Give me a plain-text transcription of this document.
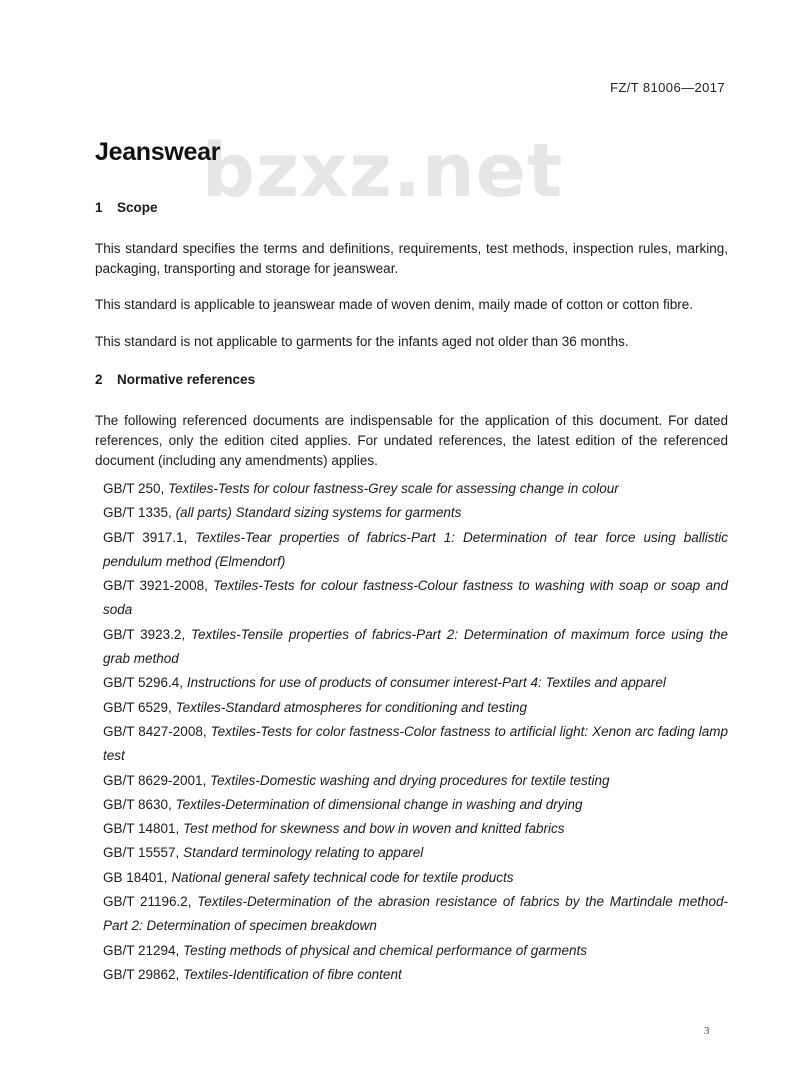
FZ/T 81006—2017
bzxz.net
Jeanswear
1	Scope

This standard specifies the terms and definitions, requirements, test methods, inspection rules, marking, packaging, transporting and storage for jeanswear.

This standard is applicable to jeanswear made of woven denim, maily made of cotton or cotton fibre.

This standard is not applicable to garments for the infants aged not older than 36 months.

2	Normative references

The following referenced documents are indispensable for the application of this document. For dated references, only the edition cited applies. For undated references, the latest edition of the referenced document (including any amendments) applies.

GB/T 250, Textiles-Tests for colour fastness-Grey scale for assessing change in colour
GB/T 1335, (all parts) Standard sizing systems for garments
GB/T 3917.1, Textiles-Tear properties of fabrics-Part 1: Determination of tear force using ballistic pendulum method (Elmendorf)
GB/T 3921-2008, Textiles-Tests for colour fastness-Colour fastness to washing with soap or soap and soda
GB/T 3923.2, Textiles-Tensile properties of fabrics-Part 2: Determination of maximum force using the grab method
GB/T 5296.4, Instructions for use of products of consumer interest-Part 4: Textiles and apparel
GB/T 6529, Textiles-Standard atmospheres for conditioning and testing
GB/T 8427-2008, Textiles-Tests for color fastness-Color fastness to artificial light: Xenon arc fading lamp test
GB/T 8629-2001, Textiles-Domestic washing and drying procedures for textile testing
GB/T 8630, Textiles-Determination of dimensional change in washing and drying
GB/T 14801, Test method for skewness and bow in woven and knitted fabrics
GB/T 15557, Standard terminology relating to apparel
GB 18401, National general safety technical code for textile products
GB/T 21196.2, Textiles-Determination of the abrasion resistance of fabrics by the Martindale method-Part 2: Determination of specimen breakdown
GB/T 21294, Testing methods of physical and chemical performance of garments
GB/T 29862, Textiles-Identification of fibre content
3
